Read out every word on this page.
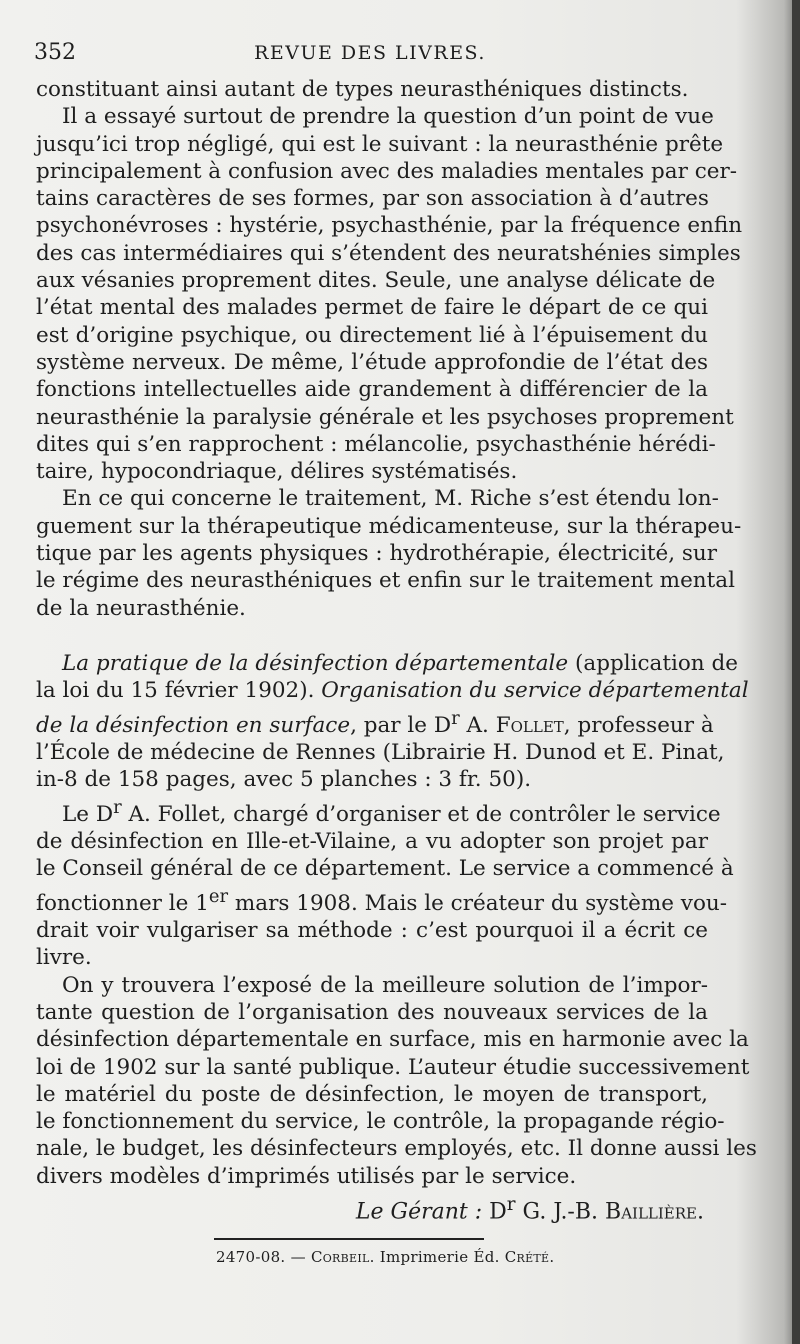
352	REVUE DES LIVRES.

constituant ainsi autant de types neurasthéniques distincts.

Il a essayé surtout de prendre la question d’un point de vue
jusqu’ici trop négligé, qui est le suivant : la neurasthénie prête
principalement à confusion avec des maladies mentales par cer-
tains caractères de ses formes, par son association à d’autres
psychonévroses : hystérie, psychasthénie, par la fréquence enfin
des cas intermédiaires qui s’étendent des neuratshénies simples
aux vésanies proprement dites. Seule, une analyse délicate de
l’état mental des malades permet de faire le départ de ce qui
est d’origine psychique, ou directement lié à l’épuisement du
système nerveux. De même, l’étude approfondie de l’état des
fonctions intellectuelles aide grandement à différencier de la
neurasthénie la paralysie générale et les psychoses proprement
dites qui s’en rapprochent : mélancolie, psychasthénie hérédi-
taire, hypocondriaque, délires systématisés.

En ce qui concerne le traitement, M. Riche s’est étendu lon-
guement sur la thérapeutique médicamenteuse, sur la thérapeu-
tique par les agents physiques : hydrothérapie, électricité, sur
le régime des neurasthéniques et enfin sur le traitement mental
de la neurasthénie.

La pratique de la désinfection départementale (application de
la loi du 15 février 1902). Organisation du service départemental
de la désinfection en surface, par le $D^r$ A. Follet, professeur à
l’École de médecine de Rennes (Librairie H. Dunod et E. Pinat,
in-8 de 158 pages, avec 5 planches : 3 fr. 50).

Le $D^r$ A. Follet, chargé d’organiser et de contrôler le service
de désinfection en Ille-et-Vilaine, a vu adopter son projet par
le Conseil général de ce département. Le service a commencé à
fonctionner le 1er mars 1908. Mais le créateur du système vou-
drait voir vulgariser sa méthode : c’est pourquoi il a écrit ce
livre.

On y trouvera l’exposé de la meilleure solution de l’impor-
tante question de l’organisation des nouveaux services de la
désinfection départementale en surface, mis en harmonie avec la
loi de 1902 sur la santé publique. L’auteur étudie successivement
le matériel du poste de désinfection, le moyen de transport,
le fonctionnement du service, le contrôle, la propagande régio-
nale, le budget, les désinfecteurs employés, etc. Il donne aussi les
divers modèles d’imprimés utilisés par le service.

Le Gérant : $D^r$ G. J.-B. Baillière.
2470-08. — Corbeil. Imprimerie Éd. Crété.
